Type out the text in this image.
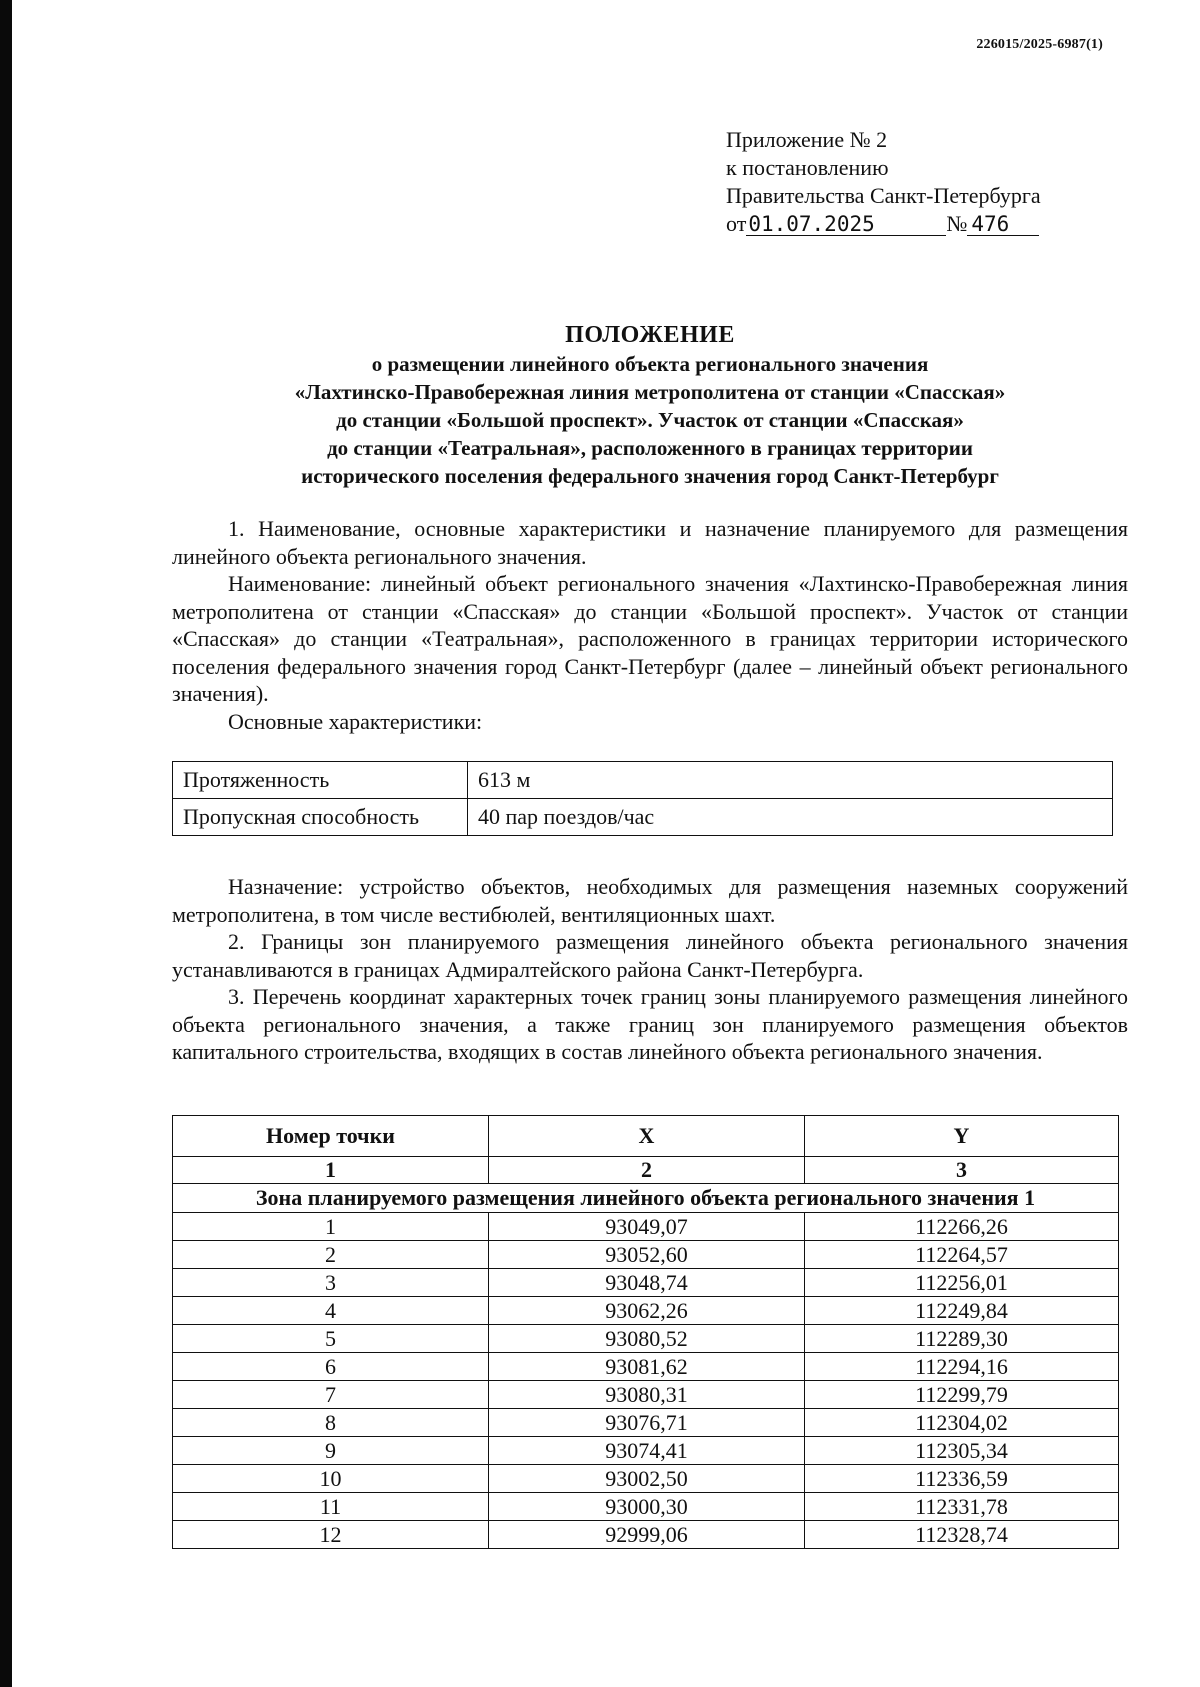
226015/2025-6987(1)
Приложение № 2
к постановлению
Правительства Санкт-Петербурга
от01.07.2025	№ 476
ПОЛОЖЕНИЕ
о размещении линейного объекта регионального значения
«Лахтинско-Правобережная линия метрополитена от станции «Спасская»
до станции «Большой проспект». Участок от станции «Спасская»
до станции «Театральная», расположенного в границах территории
исторического поселения федерального значения город Санкт-Петербург

1. Наименование, основные характеристики и назначение планируемого для размещения линейного объекта регионального значения.

Наименование: линейный объект регионального значения «Лахтинско-Правобережная линия метрополитена от станции «Спасская» до станции «Большой проспект». Участок от станции «Спасская» до станции «Театральная», расположенного в границах территории исторического поселения федерального значения город Санкт-Петербург (далее – линейный объект регионального значения).

Основные характеристики:

Протяженность	613 м
Пропускная способность	40 пар поездов/час

Назначение: устройство объектов, необходимых для размещения наземных сооружений метрополитена, в том числе вестибюлей, вентиляционных шахт.

2. Границы зон планируемого размещения линейного объекта регионального значения устанавливаются в границах Адмиралтейского района Санкт-Петербурга.

3. Перечень координат характерных точек границ зоны планируемого размещения линейного объекта регионального значения, а также границ зон планируемого размещения объектов капитального строительства, входящих в состав линейного объекта регионального значения.

Номер точки	X	Y
1	2	3
Зона планируемого размещения линейного объекта регионального значения 1		
1	93049,07	112266,26
2	93052,60	112264,57
3	93048,74	112256,01
4	93062,26	112249,84
5	93080,52	112289,30
6	93081,62	112294,16
7	93080,31	112299,79
8	93076,71	112304,02
9	93074,41	112305,34
10	93002,50	112336,59
11	93000,30	112331,78
12	92999,06	112328,74
